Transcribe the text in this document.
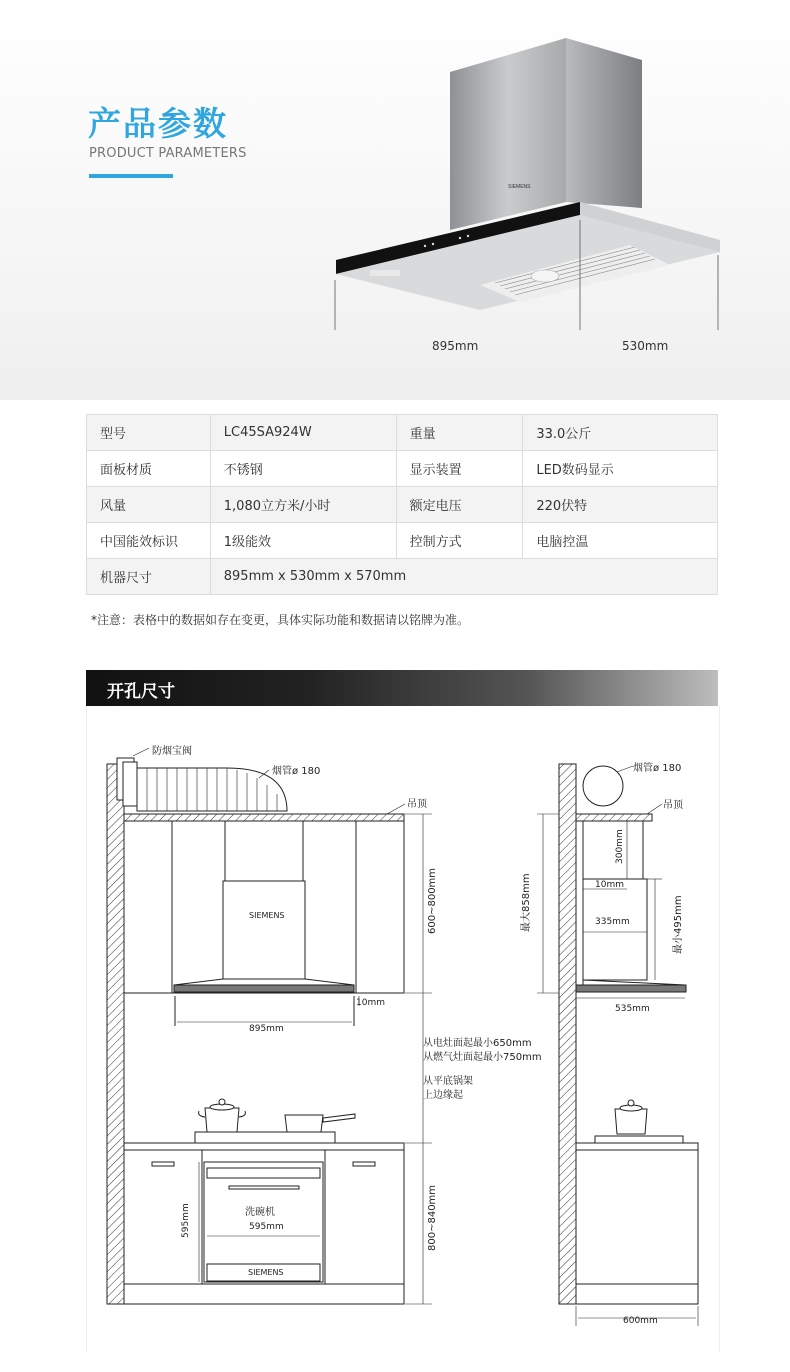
产品参数
PRODUCT PARAMETERS
SIEMENS
895mm	530mm
型号	LC45SA924W	重量	33.0公斤
面板材质	不锈钢	显示装置	LED数码显示
风量	1,080立方米/小时	额定电压	220伏特
中国能效标识	1级能效	控制方式	电脑控温
机器尺寸	895mm x 530mm x 570mm		
*注意：表格中的数据如存在变更，具体实际功能和数据请以铭牌为准。
开孔尺寸
防烟宝阀
烟管ø 180
吊顶
SIEMENS	600~800mm
10mm
895mm
从电灶面起最小650mm
从燃气灶面起最小750mm
从平底锅架
上边缘起
洗碗机
595mm
595mm
SIEMENS
800~840mm
烟管ø 180
吊顶
最大858mm
300mm
10mm
335mm	最小495mm
535mm
600mm
